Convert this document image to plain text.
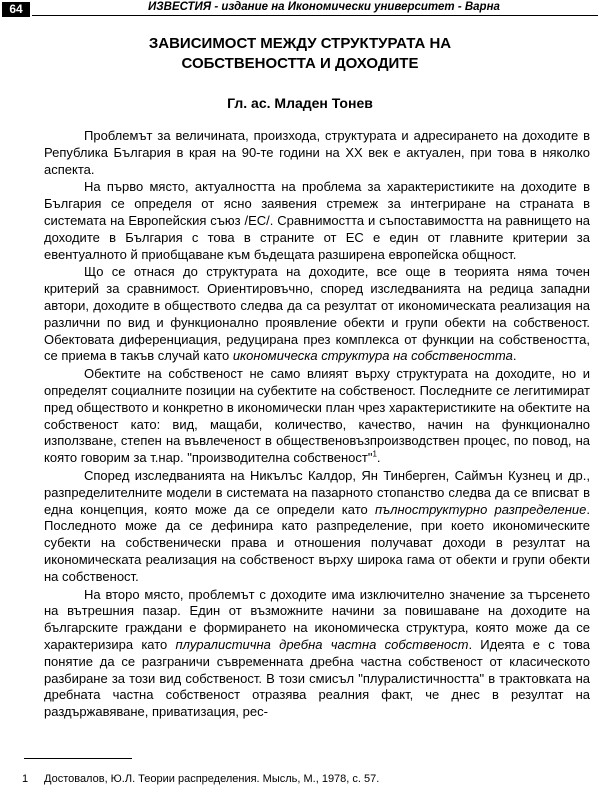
64	ИЗВЕСТИЯ - издание на Икономически университет - Варна
ЗАВИСИМОСТ МЕЖДУ СТРУКТУРАТА НА
СОБСТВЕНОСТТА И ДОХОДИТЕ
Гл. ас. Младен Тонев

Проблемът за величината, произхода, структурата и адресирането на доходите в Република България в края на 90-те години на XX век е актуален, при това в няколко аспекта.

На първо място, актуалността на проблема за характеристиките на доходите в България се определя от ясно заявения стремеж за интегриране на страната в системата на Европейския съюз /ЕС/. Сравнимостта и съпоставимостта на равнището на доходите в България с това в страните от ЕС е един от главните критерии за евентуалното й приобщаване към бъдещата разширена европейска общност.

Що се отнася до структурата на доходите, все още в теорията няма точен критерий за сравнимост. Ориентировъчно, според изследванията на редица западни автори, доходите в обществото следва да са резултат от икономическата реализация на различни по вид и функционално проявление обекти и групи обекти на собственост. Обектовата диференциация, редуцирана през комплекса от функции на собствеността, се приема в такъв случай като икономическа структура на собствеността.

Обектите на собственост не само влияят върху структурата на доходите, но и определят социалните позиции на субектите на собственост. Последните се легитимират пред обществото и конкретно в икономически план чрез характеристиките на обектите на собственост като: вид, мащаби, количество, качество, начин на функционално използване, степен на въвлеченост в общественовъзпроизводствен процес, по повод, на която говорим за т.нар. "производителна собственост"$^1$.

Според изследванията на Никълъс Калдор, Ян Тинберген, Саймън Кузнец и др., разпределителните модели в системата на пазарното стопанство следва да се вписват в една концепция, която може да се определи като пълноструктурно разпределение. Последното може да се дефинира като разпределение, при което икономическите субекти на собственически права и отношения получават доходи в резултат на икономическата реализация на собственост върху широка гама от обекти и групи обекти на собственост.

На второ място, проблемът с доходите има изключително значение за търсенето на вътрешния пазар. Един от възможните начини за повишаване на доходите на българските граждани е формирането на икономическа структура, която може да се характеризира като плуралистична дребна частна собственост. Идеята е с това понятие да се разграничи съвременната дребна частна собственост от класическото разбиране за този вид собственост. В този смисъл "плуралистичността" в трактовката на дребната частна собственост отразява реалния факт, че днес в резултат на раздържавяване, приватизация, рес-

1 Достовалов, Ю.Л. Теории распределения. Мысль, М., 1978, с. 57.
